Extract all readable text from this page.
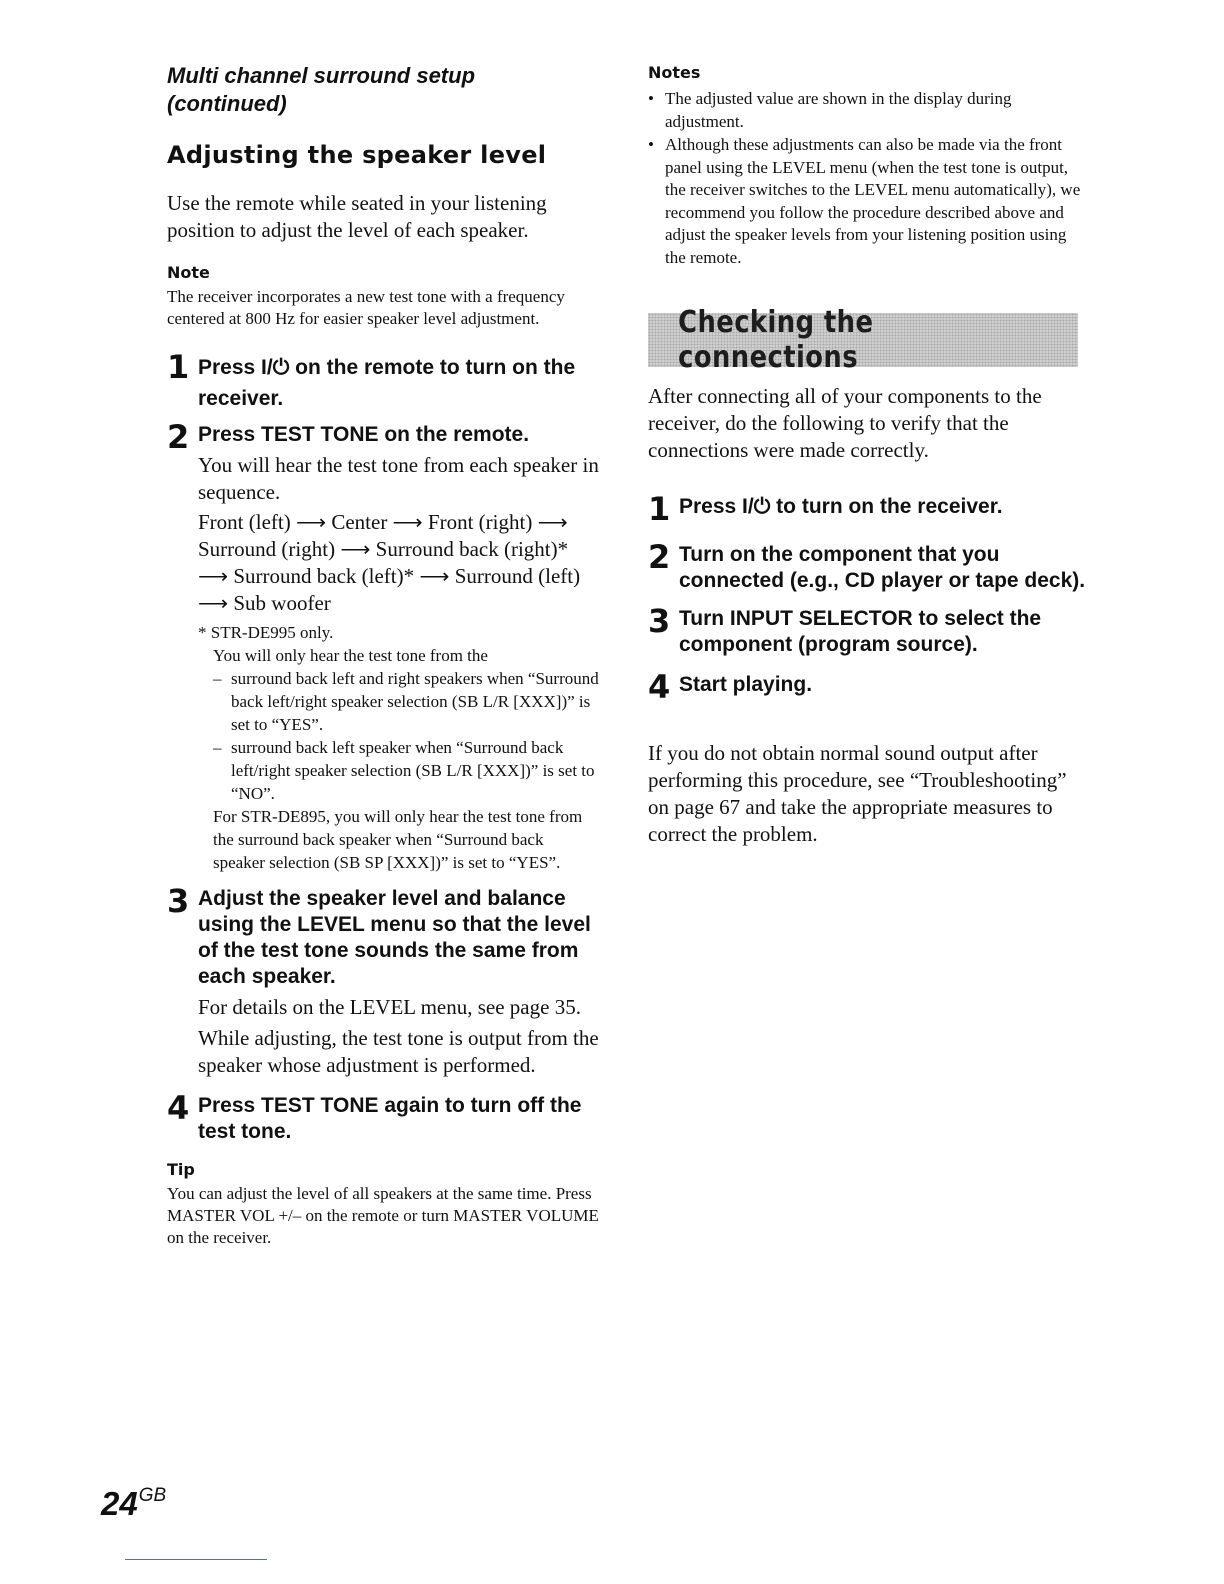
Multi channel surround setup
(continued)

Adjusting the speaker level

Use the remote while seated in your listening position to adjust the level of each speaker.

Note

The receiver incorporates a new test tone with a frequency centered at 800 Hz for easier speaker level adjustment.

1 Press I/⏻ on the remote to turn on the receiver.

2 Press TEST TONE on the remote.

You will hear the test tone from each speaker in sequence.

Front (left) ⟶ Center ⟶ Front (right) ⟶ Surround (right) ⟶ Surround back (right)* ⟶ Surround back (left)* ⟶ Surround (left) ⟶ Sub woofer

* STR-DE995 only.

You will only hear the test tone from the

– surround back left and right speakers when “Surround back left/right speaker selection (SB L/R [XXX])” is set to “YES”.
– surround back left speaker when “Surround back left/right speaker selection (SB L/R [XXX])” is set to “NO”.

For STR-DE895, you will only hear the test tone from the surround back speaker when “Surround back speaker selection (SB SP [XXX])” is set to “YES”.

3 Adjust the speaker level and balance using the LEVEL menu so that the level of the test tone sounds the same from each speaker.

For details on the LEVEL menu, see page 35.

While adjusting, the test tone is output from the speaker whose adjustment is performed.

4 Press TEST TONE again to turn off the test tone.

Tip

You can adjust the level of all speakers at the same time. Press MASTER VOL +/– on the remote or turn MASTER VOLUME on the receiver.

Notes

• The adjusted value are shown in the display during adjustment.
• Although these adjustments can also be made via the front panel using the LEVEL menu (when the test tone is output, the receiver switches to the LEVEL menu automatically), we recommend you follow the procedure described above and adjust the speaker levels from your listening position using the remote.
Checking the connections

After connecting all of your components to the receiver, do the following to verify that the connections were made correctly.

1 Press I/⏻ to turn on the receiver.

2 Turn on the component that you connected (e.g., CD player or tape deck).

3 Turn INPUT SELECTOR to select the component (program source).

4 Start playing.

If you do not obtain normal sound output after performing this procedure, see “Troubleshooting” on page 67 and take the appropriate measures to correct the problem.

$24^{GB}$
